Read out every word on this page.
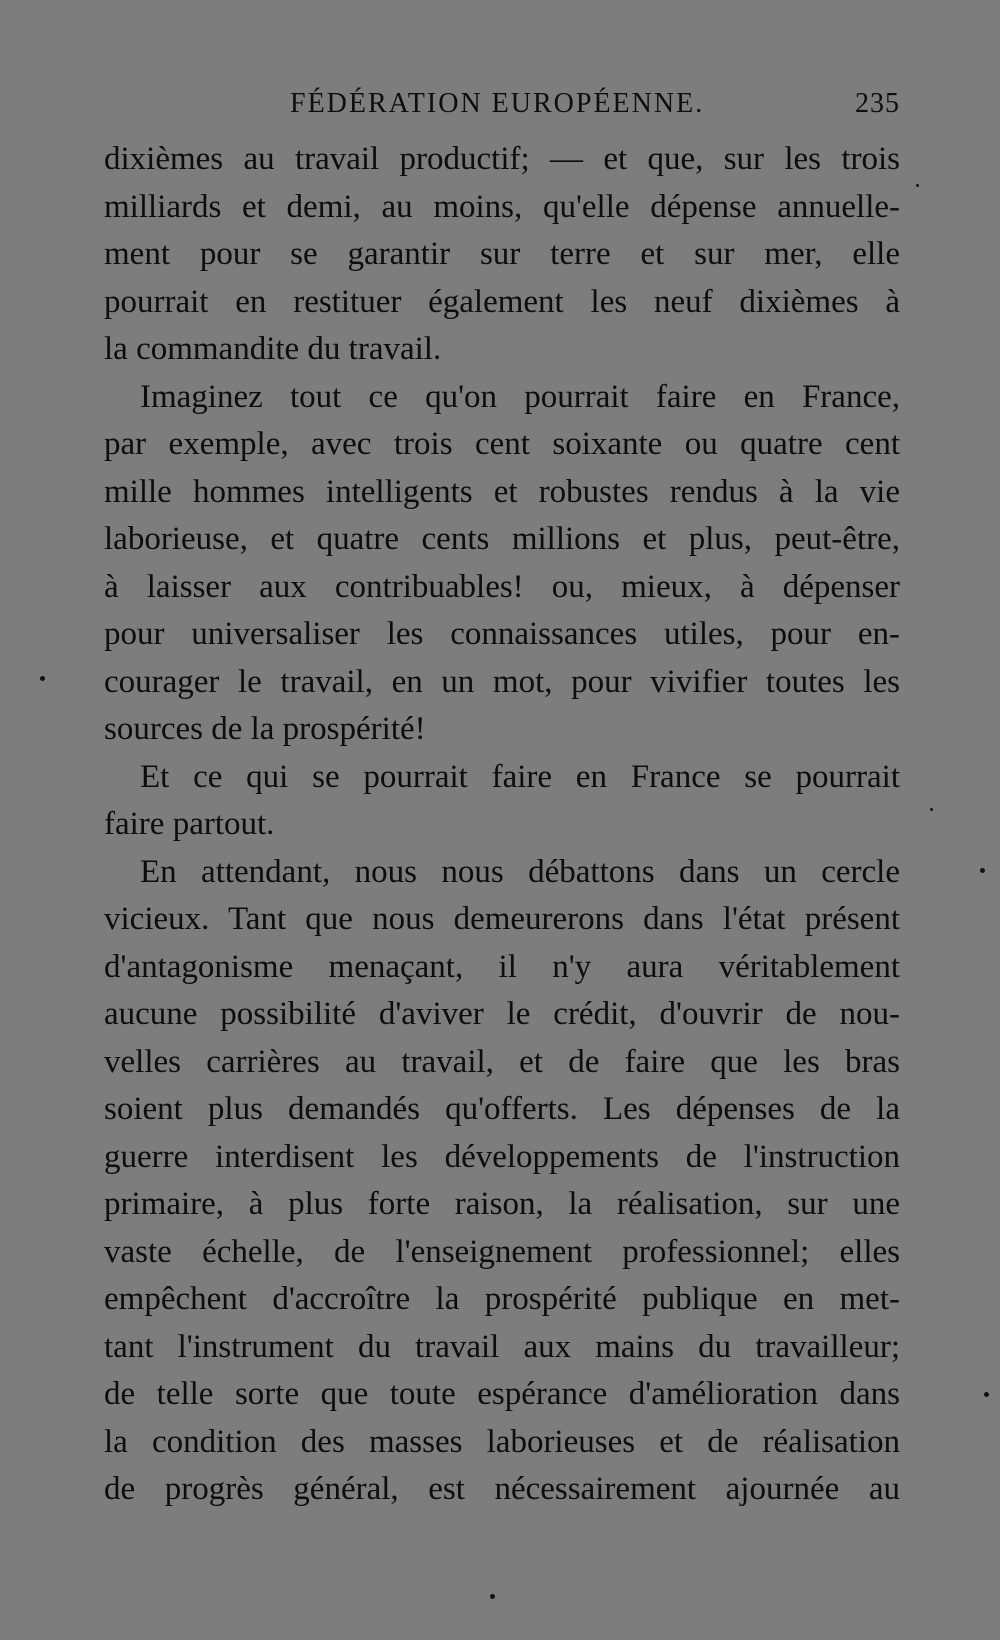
FÉDÉRATION EUROPÉENNE.	235
dixièmes au travail productif; — et que, sur les trois
milliards et demi, au moins, qu'elle dépense annuelle-
ment pour se garantir sur terre et sur mer, elle
pourrait en restituer également les neuf dixièmes à
la commandite du travail.
Imaginez tout ce qu'on pourrait faire en France,
par exemple, avec trois cent soixante ou quatre cent
mille hommes intelligents et robustes rendus à la vie
laborieuse, et quatre cents millions et plus, peut-être,
à laisser aux contribuables! ou, mieux, à dépenser
pour universaliser les connaissances utiles, pour en-
courager le travail, en un mot, pour vivifier toutes les
sources de la prospérité!
Et ce qui se pourrait faire en France se pourrait
faire partout.
En attendant, nous nous débattons dans un cercle
vicieux. Tant que nous demeurerons dans l'état présent
d'antagonisme menaçant, il n'y aura véritablement
aucune possibilité d'aviver le crédit, d'ouvrir de nou-
velles carrières au travail, et de faire que les bras
soient plus demandés qu'offerts. Les dépenses de la
guerre interdisent les développements de l'instruction
primaire, à plus forte raison, la réalisation, sur une
vaste échelle, de l'enseignement professionnel; elles
empêchent d'accroître la prospérité publique en met-
tant l'instrument du travail aux mains du travailleur;
de telle sorte que toute espérance d'amélioration dans
la condition des masses laborieuses et de réalisation
de progrès général, est nécessairement ajournée au
